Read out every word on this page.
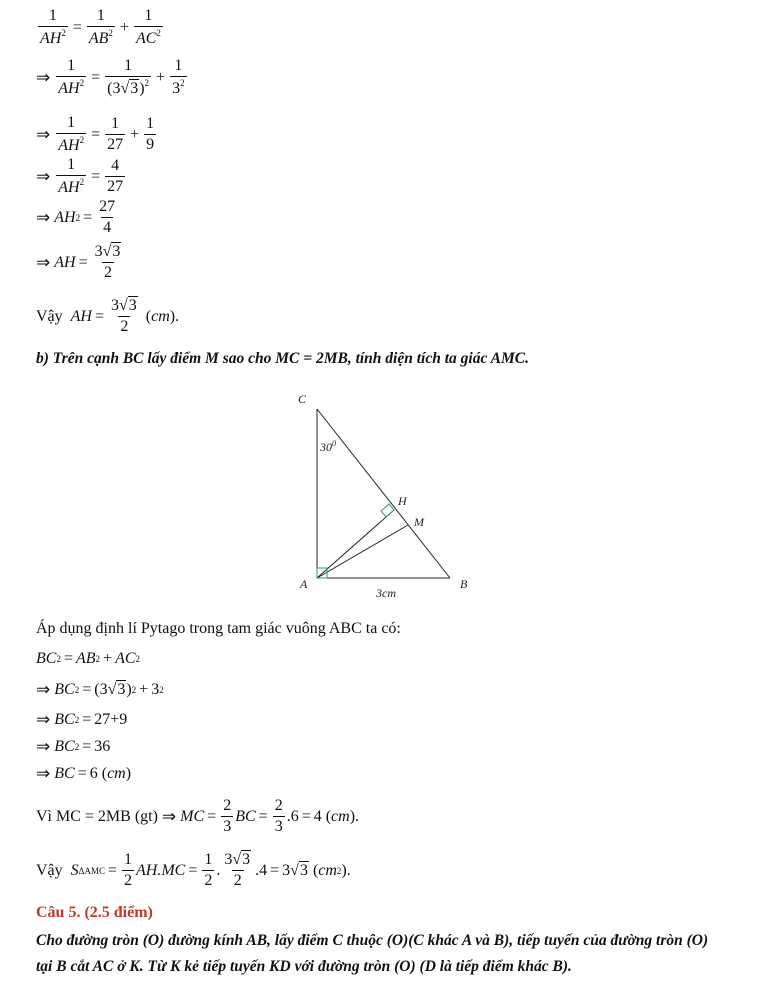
$\frac{1}{AH^2} = \frac{1}{AB^2} + \frac{1}{AC^2}$
⇒ $\frac{1}{AH^2} = \frac{1}{(3√3)^2} + \frac{1}{3^2}$
⇒ $\frac{1}{AH^2} = \frac{1}{27} + \frac{1}{9}$
⇒ $\frac{1}{AH^2} = \frac{4}{27}$
⇒ AH $2 = \frac{27}{4}$
⇒ AH = $\frac{3√3}{2}$
Vậy
AH = $\frac{3√3}{2}$ ( cm ).
b) Trên cạnh BC lấy điểm M sao cho MC = 2MB, tính diện tích ta giác AMC.
C
A	B
H
M
$30^0$
3cm
Áp dụng định lí Pytago trong tam giác vuông ABC ta có:
BC 2 = AB 2 + AC 2
⇒ BC 2 = ( 3 √3 ) 2 + 3 2
⇒ BC 2 = 27+9
⇒ BC 2 = 36
⇒ BC = 6 ( cm )
Vì MC = 2MB (gt) ⇒ MC = $\frac{2}{3}$ BC = $\frac{2}{3} .6 = 4$ ( cm ).
Vậy
S $\Delta AMC = \frac{1}{2} AH.MC = \frac{1}{2}$ . $\frac{3√3}{2} .4 = 3$ √3 ( cm 2 ).
Câu 5. (2.5 điểm)
Cho đường tròn (O) đường kính AB, lấy điểm C thuộc (O)(C khác A và B), tiếp tuyến của đường tròn (O)
tại B cắt AC ở K. Từ K kẻ tiếp tuyến KD với đường tròn (O) (D là tiếp điểm khác B).
